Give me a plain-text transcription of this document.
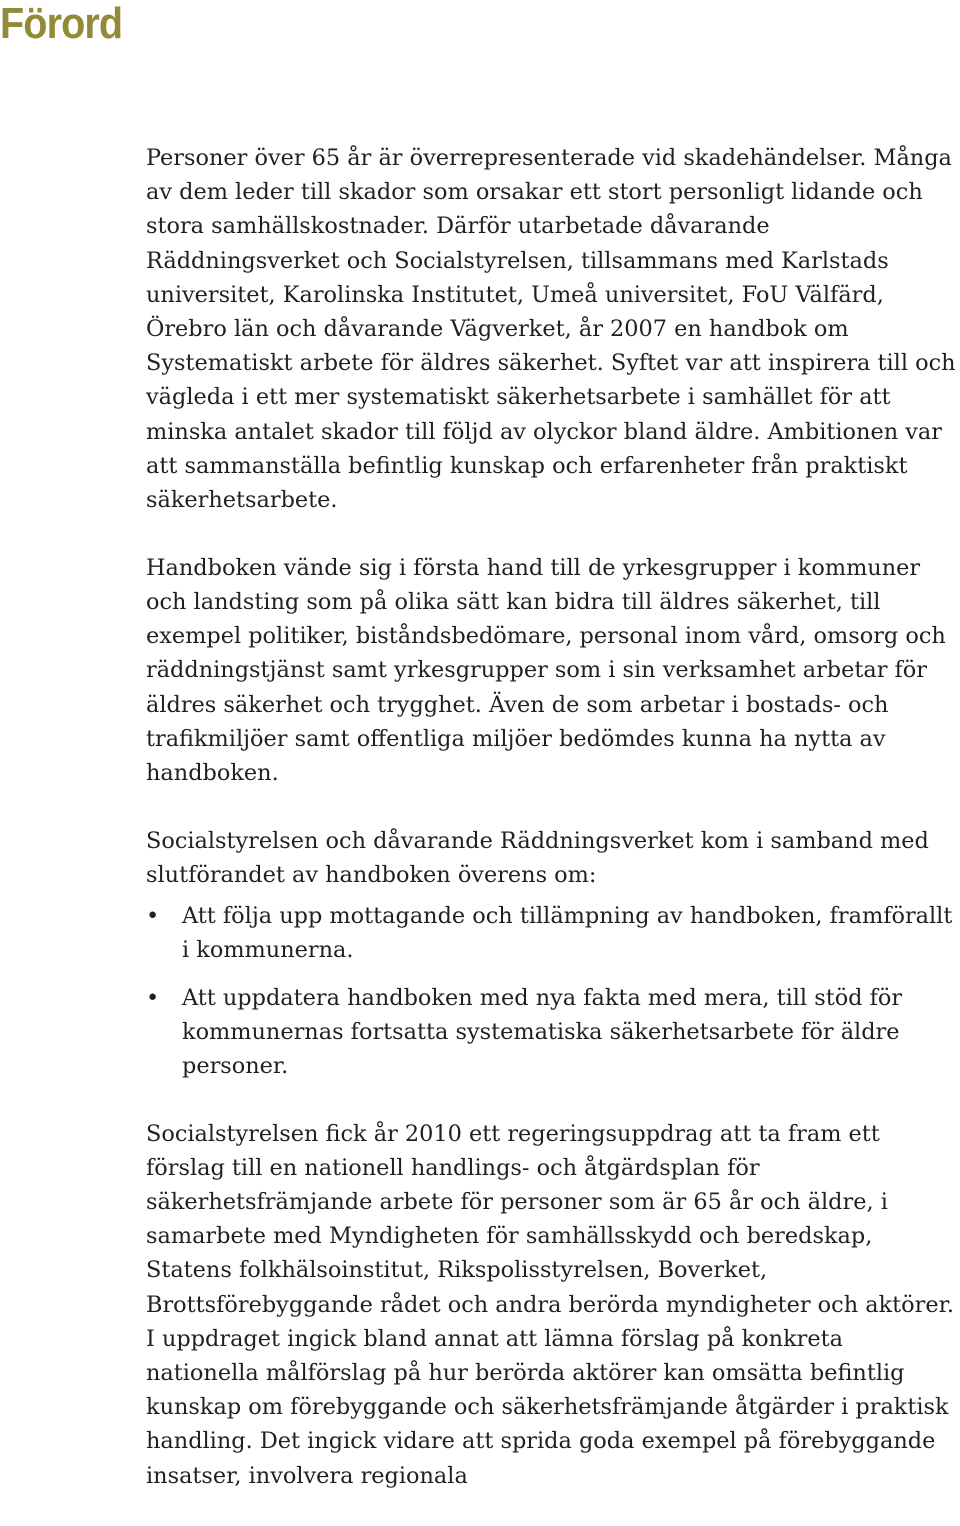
Förord

Personer över 65 år är överrepresenterade vid skadehändelser. Många av dem leder till skador som orsakar ett stort personligt lidande och stora samhällskostnader. Därför utarbetade dåvarande Räddningsverket och Socialstyrelsen, tillsammans med Karlstads universitet, Karolinska Institutet, Umeå universitet, FoU Välfärd, Örebro län och dåvarande Vägverket, år 2007 en handbok om Systematiskt arbete för äldres säkerhet. Syftet var att inspirera till och vägleda i ett mer systematiskt säkerhetsarbete i samhället för att minska antalet skador till följd av olyckor bland äldre. Ambitionen var att sammanställa befintlig kunskap och erfarenheter från praktiskt säkerhetsarbete.

Handboken vände sig i första hand till de yrkesgrupper i kommuner och landsting som på olika sätt kan bidra till äldres säkerhet, till exempel politiker, biståndsbedömare, personal inom vård, omsorg och räddningstjänst samt yrkesgrupper som i sin verksamhet arbetar för äldres säkerhet och trygghet. Även de som arbetar i bostads- och trafikmiljöer samt offentliga miljöer bedömdes kunna ha nytta av handboken.

Socialstyrelsen och dåvarande Räddningsverket kom i samband med slutförandet av handboken överens om:

• Att följa upp mottagande och tillämpning av handboken, framförallt i kommunerna.
• Att uppdatera handboken med nya fakta med mera, till stöd för kommunernas fortsatta systematiska säkerhetsarbete för äldre personer.

Socialstyrelsen fick år 2010 ett regeringsuppdrag att ta fram ett förslag till en nationell handlings- och åtgärdsplan för säkerhetsfrämjande arbete för personer som är 65 år och äldre, i samarbete med Myndigheten för samhällsskydd och beredskap, Statens folkhälsoinstitut, Rikspolisstyrelsen, Boverket, Brottsförebyggande rådet och andra berörda myndigheter och aktörer. I uppdraget ingick bland annat att lämna förslag på konkreta nationella målförslag på hur berörda aktörer kan omsätta befintlig kunskap om förebyggande och säkerhetsfrämjande åtgärder i praktisk handling. Det ingick vidare att sprida goda exempel på förebyggande insatser, involvera regionala
